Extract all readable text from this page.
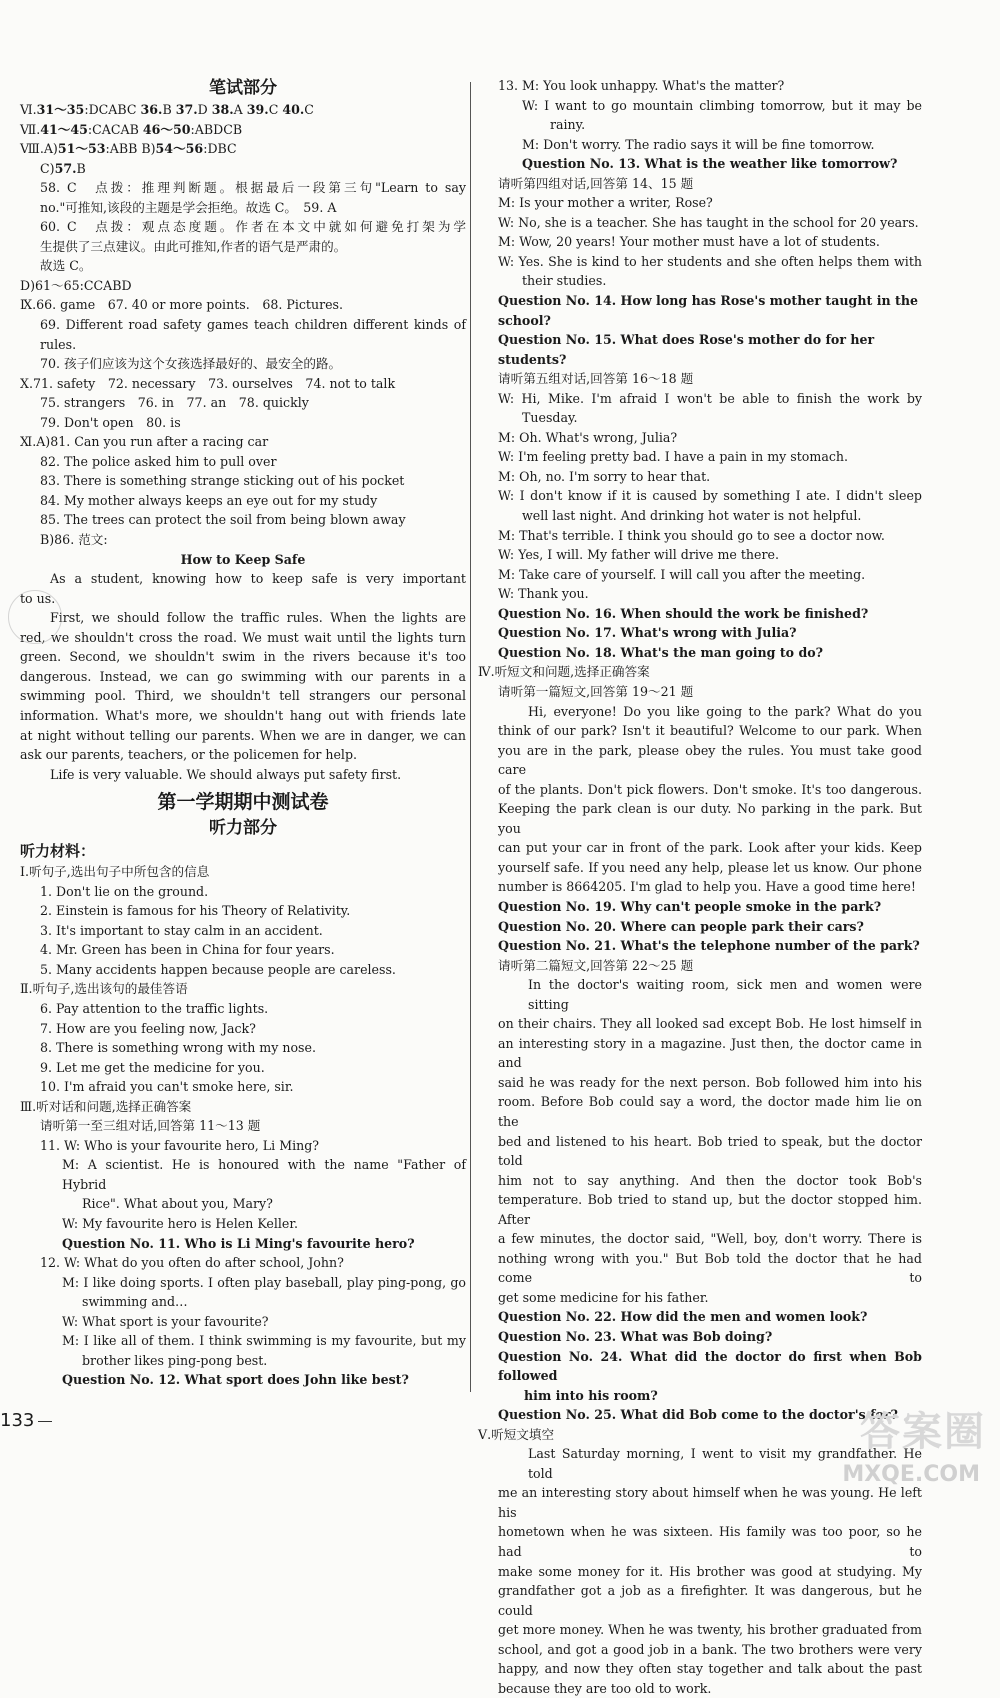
笔试部分
Ⅵ.31～35:DCABC 36.B 37.D 38.A 39.C 40.C
Ⅶ.41～45:CACAB 46～50:ABDCB
Ⅷ.A)51～53:ABB B)54～56:DBC
C)57.B
58. C　点拨：推理判断题。根据最后一段第三句"Learn to say
no."可推知,该段的主题是学会拒绝。故选 C。　59. A
60. C　点拨：观点态度题。作者在本文中就如何避免打架为学
生提供了三点建议。由此可推知,作者的语气是严肃的。
故选 C。
D)61～65:CCABD
Ⅸ.66. game　67. 40 or more points.　68. Pictures.
69. Different road safety games teach children different kinds of
rules.
70. 孩子们应该为这个女孩选择最好的、最安全的路。
Ⅹ.71. safety　72. necessary　73. ourselves　74. not to talk
75. strangers　76. in　77. an　78. quickly
79. Don't open　80. is
Ⅺ.A)81. Can you run after a racing car
82. The police asked him to pull over
83. There is something strange sticking out of his pocket
84. My mother always keeps an eye out for my study
85. The trees can protect the soil from being blown away
B)86. 范文:
How to Keep Safe
As a student, knowing how to keep safe is very important
to us.
First, we should follow the traffic rules. When the lights are
red, we shouldn't cross the road. We must wait until the lights turn
green. Second, we shouldn't swim in the rivers because it's too
dangerous. Instead, we can go swimming with our parents in a
swimming pool. Third, we shouldn't tell strangers our personal
information. What's more, we shouldn't hang out with friends late
at night without telling our parents. When we are in danger, we can
ask our parents, teachers, or the policemen for help.
Life is very valuable. We should always put safety first.
第一学期期中测试卷
听力部分
听力材料：
Ⅰ.听句子,选出句子中所包含的信息
1. Don't lie on the ground.
2. Einstein is famous for his Theory of Relativity.
3. It's important to stay calm in an accident.
4. Mr. Green has been in China for four years.
5. Many accidents happen because people are careless.
Ⅱ.听句子,选出该句的最佳答语
6. Pay attention to the traffic lights.
7. How are you feeling now, Jack?
8. There is something wrong with my nose.
9. Let me get the medicine for you.
10. I'm afraid you can't smoke here, sir.
Ⅲ.听对话和问题,选择正确答案
请听第一至三组对话,回答第 11～13 题
11. W: Who is your favourite hero, Li Ming?
M: A scientist. He is honoured with the name "Father of Hybrid
Rice". What about you, Mary?
W: My favourite hero is Helen Keller.
Question No. 11. Who is Li Ming's favourite hero?
12. W: What do you often do after school, John?
M: I like doing sports. I often play baseball, play ping-pong, go
swimming and…
W: What sport is your favourite?
M: I like all of them. I think swimming is my favourite, but my
brother likes ping-pong best.
Question No. 12. What sport does John like best?
13. M: You look unhappy. What's the matter?
W: I want to go mountain climbing tomorrow, but it may be
rainy.
M: Don't worry. The radio says it will be fine tomorrow.
Question No. 13. What is the weather like tomorrow?
请听第四组对话,回答第 14、15 题
M: Is your mother a writer, Rose?
W: No, she is a teacher. She has taught in the school for 20 years.
M: Wow, 20 years! Your mother must have a lot of students.
W: Yes. She is kind to her students and she often helps them with
their studies.
Question No. 14. How long has Rose's mother taught in the school?
Question No. 15. What does Rose's mother do for her students?
请听第五组对话,回答第 16～18 题
W: Hi, Mike. I'm afraid I won't be able to finish the work by
Tuesday.
M: Oh. What's wrong, Julia?
W: I'm feeling pretty bad. I have a pain in my stomach.
M: Oh, no. I'm sorry to hear that.
W: I don't know if it is caused by something I ate. I didn't sleep
well last night. And drinking hot water is not helpful.
M: That's terrible. I think you should go to see a doctor now.
W: Yes, I will. My father will drive me there.
M: Take care of yourself. I will call you after the meeting.
W: Thank you.
Question No. 16. When should the work be finished?
Question No. 17. What's wrong with Julia?
Question No. 18. What's the man going to do?
Ⅳ.听短文和问题,选择正确答案
请听第一篇短文,回答第 19～21 题
Hi, everyone! Do you like going to the park? What do you
think of our park? Isn't it beautiful? Welcome to our park. When
you are in the park, please obey the rules. You must take good care
of the plants. Don't pick flowers. Don't smoke. It's too dangerous.
Keeping the park clean is our duty. No parking in the park. But you
can put your car in front of the park. Look after your kids. Keep
yourself safe. If you need any help, please let us know. Our phone
number is 8664205. I'm glad to help you. Have a good time here!
Question No. 19. Why can't people smoke in the park?
Question No. 20. Where can people park their cars?
Question No. 21. What's the telephone number of the park?
请听第二篇短文,回答第 22～25 题
In the doctor's waiting room, sick men and women were sitting
on their chairs. They all looked sad except Bob. He lost himself in
an interesting story in a magazine. Just then, the doctor came in and
said he was ready for the next person. Bob followed him into his
room. Before Bob could say a word, the doctor made him lie on the
bed and listened to his heart. Bob tried to speak, but the doctor told
him not to say anything. And then the doctor took Bob's
temperature. Bob tried to stand up, but the doctor stopped him. After
a few minutes, the doctor said, "Well, boy, don't worry. There is
nothing wrong with you." But Bob told the doctor that he had come to
get some medicine for his father.
Question No. 22. How did the men and women look?
Question No. 23. What was Bob doing?
Question No. 24. What did the doctor do first when Bob followed
him into his room?
Question No. 25. What did Bob come to the doctor's for?
Ⅴ.听短文填空
Last Saturday morning, I went to visit my grandfather. He told
me an interesting story about himself when he was young. He left his
hometown when he was sixteen. His family was too poor, so he had to
make some money for it. His brother was good at studying. My
grandfather got a job as a firefighter. It was dangerous, but he could
get more money. When he was twenty, his brother graduated from
school, and got a good job in a bank. The two brothers were very
happy, and now they often stay together and talk about the past
because they are too old to work.
133	答案圈
MXQE.COM
